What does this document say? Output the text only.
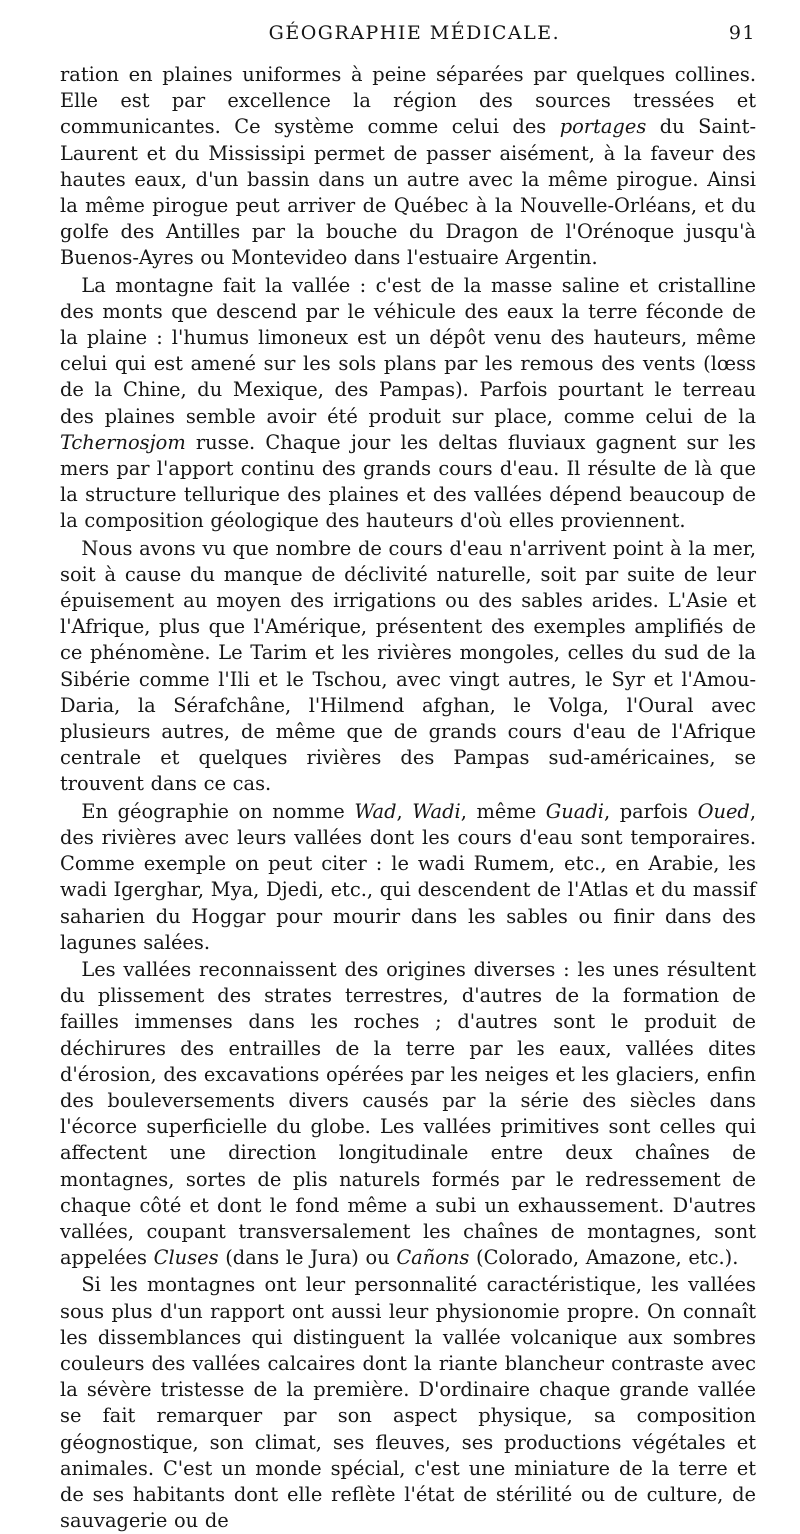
GÉOGRAPHIE MÉDICALE.	91

ration en plaines uniformes à peine séparées par quelques collines. Elle est par excellence la région des sources tressées et communicantes. Ce système comme celui des portages du Saint-Laurent et du Mississipi permet de passer aisément, à la faveur des hautes eaux, d'un bassin dans un autre avec la même pirogue. Ainsi la même pirogue peut arriver de Québec à la Nouvelle-Orléans, et du golfe des Antilles par la bouche du Dragon de l'Orénoque jusqu'à Buenos-Ayres ou Montevideo dans l'estuaire Argentin.

La montagne fait la vallée : c'est de la masse saline et cristalline des monts que descend par le véhicule des eaux la terre féconde de la plaine : l'humus limoneux est un dépôt venu des hauteurs, même celui qui est amené sur les sols plans par les remous des vents (lœss de la Chine, du Mexique, des Pampas). Parfois pourtant le terreau des plaines semble avoir été produit sur place, comme celui de la Tchernosjom russe. Chaque jour les deltas fluviaux gagnent sur les mers par l'apport continu des grands cours d'eau. Il résulte de là que la structure tellurique des plaines et des vallées dépend beaucoup de la composition géologique des hauteurs d'où elles proviennent.

Nous avons vu que nombre de cours d'eau n'arrivent point à la mer, soit à cause du manque de déclivité naturelle, soit par suite de leur épuisement au moyen des irrigations ou des sables arides. L'Asie et l'Afrique, plus que l'Amérique, présentent des exemples amplifiés de ce phénomène. Le Tarim et les rivières mongoles, celles du sud de la Sibérie comme l'Ili et le Tschou, avec vingt autres, le Syr et l'Amou-Daria, la Sérafchâne, l'Hilmend afghan, le Volga, l'Oural avec plusieurs autres, de même que de grands cours d'eau de l'Afrique centrale et quelques rivières des Pampas sud-américaines, se trouvent dans ce cas.

En géographie on nomme Wad, Wadi, même Guadi, parfois Oued, des rivières avec leurs vallées dont les cours d'eau sont temporaires. Comme exemple on peut citer : le wadi Rumem, etc., en Arabie, les wadi Igerghar, Mya, Djedi, etc., qui descendent de l'Atlas et du massif saharien du Hoggar pour mourir dans les sables ou finir dans des lagunes salées.

Les vallées reconnaissent des origines diverses : les unes résultent du plissement des strates terrestres, d'autres de la formation de failles immenses dans les roches ; d'autres sont le produit de déchirures des entrailles de la terre par les eaux, vallées dites d'érosion, des excavations opérées par les neiges et les glaciers, enfin des bouleversements divers causés par la série des siècles dans l'écorce superficielle du globe. Les vallées primitives sont celles qui affectent une direction longitudinale entre deux chaînes de montagnes, sortes de plis naturels formés par le redressement de chaque côté et dont le fond même a subi un exhaussement. D'autres vallées, coupant transversalement les chaînes de montagnes, sont appelées Cluses (dans le Jura) ou Cañons (Colorado, Amazone, etc.).

Si les montagnes ont leur personnalité caractéristique, les vallées sous plus d'un rapport ont aussi leur physionomie propre. On connaît les dissemblances qui distinguent la vallée volcanique aux sombres couleurs des vallées calcaires dont la riante blancheur contraste avec la sévère tristesse de la première. D'ordinaire chaque grande vallée se fait remarquer par son aspect physique, sa composition géognostique, son climat, ses fleuves, ses productions végétales et animales. C'est un monde spécial, c'est une miniature de la terre et de ses habitants dont elle reflète l'état de stérilité ou de culture, de sauvagerie ou de
